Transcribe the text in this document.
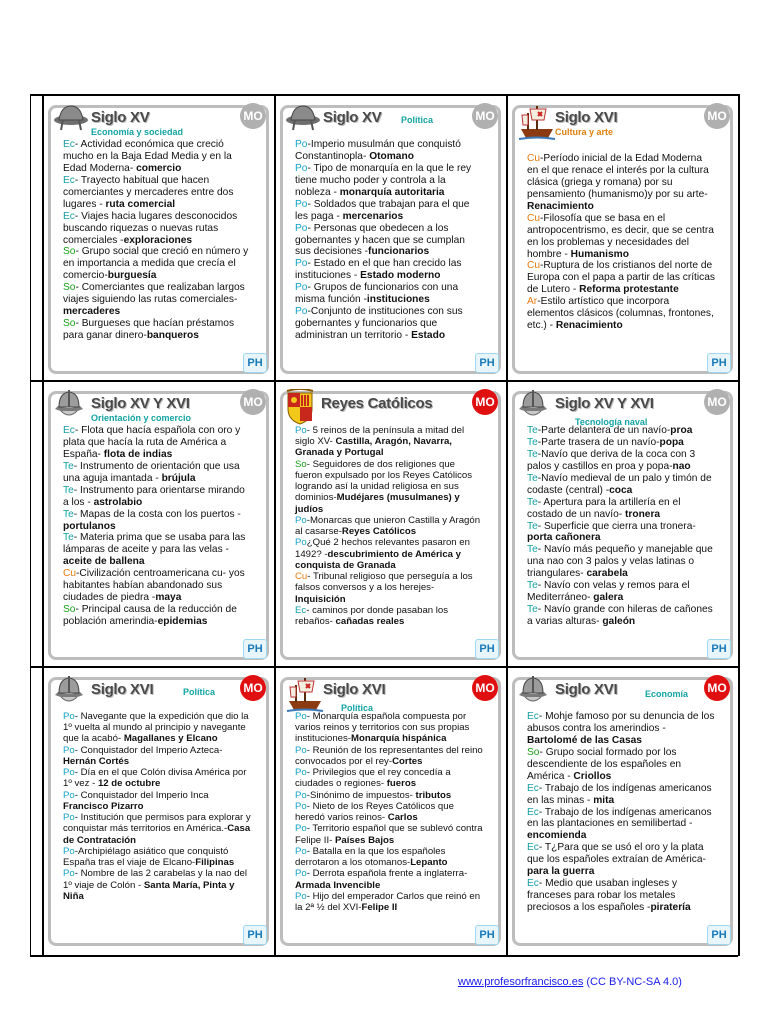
Siglo XV
Economía y sociedad
MO
Ec- Actividad económica que creció mucho en la Baja Edad Media y en la Edad Moderna- comercio
Ec- Trayecto habitual que hacen comerciantes y mercaderes entre dos lugares - ruta comercial
Ec- Viajes hacia lugares desconocidos buscando riquezas o nuevas rutas comerciales -exploraciones
So- Grupo social que creció en número y en importancia a medida que crecía el comercio-burguesía
So- Comerciantes que realizaban largos viajes siguiendo las rutas comerciales-mercaderes
So- Burgueses que hacían préstamos para ganar dinero-banqueros
PH
Siglo XV Política	MO
Po-Imperio musulmán que conquistó Constantinopla- Otomano
Po- Tipo de monarquía en la que le rey tiene mucho poder y controla a la nobleza - monarquía autoritaria
Po- Soldados que trabajan para el que les paga - mercenarios
Po- Personas que obedecen a los gobernantes y hacen que se cumplan sus decisiones -funcionarios
Po- Estado en el que han crecido las instituciones - Estado moderno
Po- Grupos de funcionarios con una misma función -instituciones
Po-Conjunto de instituciones con sus gobernantes y funcionarios que administran un territorio - Estado
PH
Siglo XVI
Cultura y arte
MO
Cu-Período inicial de la Edad Moderna en el que renace el interés por la cultura clásica (griega y romana) por su pensamiento (humanismo)y por su arte-Renacimiento
Cu-Filosofía que se basa en el antropocentrismo, es decir, que se centra en los problemas y necesidades del hombre - Humanismo
Cu-Ruptura de los cristianos del norte de Europa con el papa a partir de las críticas de Lutero - Reforma protestante
Ar-Estilo artístico que incorpora elementos clásicos (columnas, frontones, etc.) - Renacimiento
PH
Siglo XV Y XVI
Orientación y comercio
MO
Ec- Flota que hacía española con oro y plata que hacía la ruta de América a España- flota de indias
Te- Instrumento de orientación que usa una aguja imantada - brújula
Te- Instrumento para orientarse mirando a los - astrolabio
Te- Mapas de la costa con los puertos - portulanos
Te- Materia prima que se usaba para las lámparas de aceite y para las velas - aceite de ballena
Cu-Civilización centroamericana cu- yos habitantes habían abandonado sus ciudades de piedra -maya
So- Principal causa de la reducción de población amerindia-epidemias
PH
Reyes Católicos	MO
Po- 5 reinos de la península a mitad del siglo XV- Castilla, Aragón, Navarra, Granada y Portugal
So- Seguidores de dos religiones que fueron expulsado por los Reyes Católicos logrando así la unidad religiosa en sus dominios-Mudéjares (musulmanes) y judíos
Po-Monarcas que unieron Castilla y Aragón al casarse-Reyes Católicos
Po¿Qué 2 hechos relevantes pasaron en 1492? -descubrimiento de América y conquista de Granada
Cu- Tribunal religioso que perseguía a los falsos conversos y a los herejes- Inquisición
Ec- caminos por donde pasaban los rebaños- cañadas reales
PH
Siglo XV Y XVI
Tecnología naval
MO
Te-Parte delantera de un navío-proa
Te-Parte trasera de un navío-popa
Te-Navío que deriva de la coca con 3 palos y castillos en proa y popa-nao
Te-Navío medieval de un palo y timón de codaste (central) -coca
Te- Apertura para la artillería en el costado de un navío- tronera
Te- Superficie que cierra una tronera- porta cañonera
Te- Navío más pequeño y manejable que una nao con 3 palos y velas latinas o triangulares- carabela
Te- Navío con velas y remos para el Mediterráneo- galera
Te- Navío grande con hileras de cañones a varias alturas- galeón
PH
Siglo XVI	Política MO
Po- Navegante que la expedición que dio la 1º vuelta al mundo al principio y navegante que la acabó- Magallanes y Elcano
Po- Conquistador del Imperio Azteca- Hernán Cortés
Po- Día en el que Colón divisa América por 1º vez - 12 de octubre
Po- Conquistador del Imperio Inca Francisco Pizarro
Po- Institución que permisos para explorar y conquistar más territorios en América.-Casa de Contratación
Po-Archipiélago asiático que conquistó España tras el viaje de Elcano-Filipinas
Po- Nombre de las 2 carabelas y la nao del 1º viaje de Colón - Santa María, Pinta y Niña
PH
Siglo XVI
Política
MO
Po- Monarquía española compuesta por varios reinos y territorios con sus propias instituciones-Monarquía hispánica
Po- Reunión de los representantes del reino convocados por el rey-Cortes
Po- Privilegios que el rey concedía a ciudades o regiones- fueros
Po-Sinónimo de impuestos- tributos
Po- Nieto de los Reyes Católicos que heredó varios reinos- Carlos
Po- Territorio español que se sublevó contra Felipe II- Países Bajos
Po- Batalla en la que los españoles derrotaron a los otomanos-Lepanto
Po- Derrota española frente a inglaterra-Armada Invencible
Po- Hijo del emperador Carlos que reinó en la 2ª ½ del XVI-Felipe II
PH
Siglo XVI	Economía MO
Ec- Mohje famoso por su denuncia de los abusos contra los amerindios - Bartolomé de las Casas
So- Grupo social formado por los descendiente de los españoles en América - Criollos
Ec- Trabajo de los indígenas americanos en las minas - mita
Ec- Trabajo de los indígenas americanos en las plantaciones en semilibertad - encomienda
Ec- T¿Para que se usó el oro y la plata que los españoles extraían de América- para la guerra
Ec- Medio que usaban ingleses y franceses para robar los metales preciosos a los españoles -piratería
PH
www.profesorfrancisco.es (CC BY-NC-SA 4.0)
